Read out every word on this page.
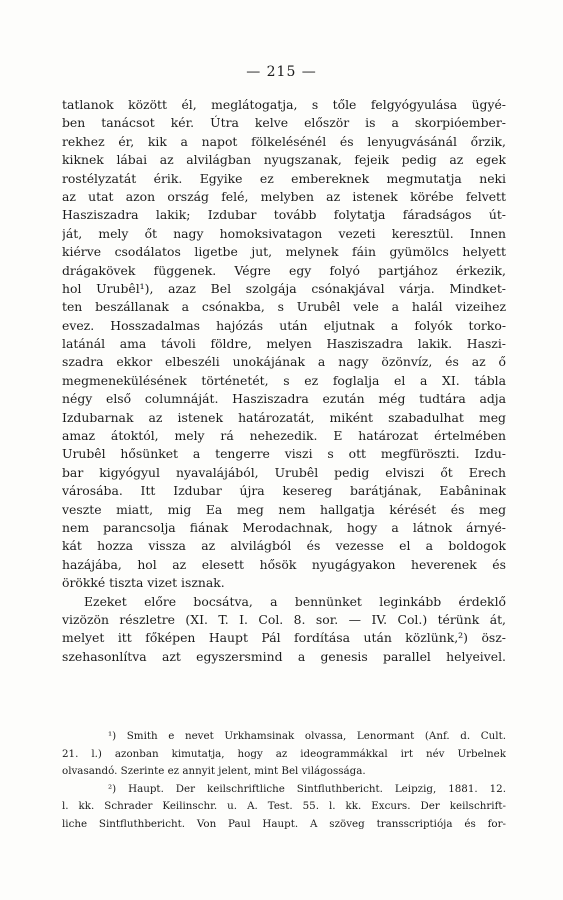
— 215 —
tatlanok között él, meglátogatja, s tőle felgyógyulása ügyé-
ben tanácsot kér. Útra kelve először is a skorpióember-
rekhez ér, kik a napot fölkelésénél és lenyugvásánál őrzik,
kiknek lábai az alvilágban nyugszanak, fejeik pedig az egek
rostélyzatát érik. Egyike ez embereknek megmutatja neki
az utat azon ország felé, melyben az istenek körébe felvett
Hasziszadra lakik; Izdubar tovább folytatja fáradságos út-
ját, mely őt nagy homoksivatagon vezeti keresztül. Innen
kiérve csodálatos ligetbe jut, melynek fáin gyümölcs helyett
drágakövek függenek. Végre egy folyó partjához érkezik,
hol Urubêl¹), azaz Bel szolgája csónakjával várja. Mindket-
ten beszállanak a csónakba, s Urubêl vele a halál vizeihez
evez. Hosszadalmas hajózás után eljutnak a folyók torko-
latánál ama távoli földre, melyen Hasziszadra lakik. Haszi-
szadra ekkor elbeszéli unokájának a nagy özönvíz, és az ő
megmenekülésének történetét, s ez foglalja el a XI. tábla
négy első columnáját. Hasziszadra ezután még tudtára adja
Izdubarnak az istenek határozatát, miként szabadulhat meg
amaz átoktól, mely rá nehezedik. E határozat értelmében
Urubêl hősünket a tengerre viszi s ott megfüröszti. Izdu-
bar kigyógyul nyavalájából, Urubêl pedig elviszi őt Erech
városába. Itt Izdubar újra kesereg barátjának, Eabâninak
veszte miatt, mig Ea meg nem hallgatja kérését és meg
nem parancsolja fiának Merodachnak, hogy a látnok árnyé-
kát hozza vissza az alvilágból és vezesse el a boldogok
hazájába, hol az elesett hősök nyugágyakon heverenek és
örökké tiszta vizet isznak.
Ezeket előre bocsátva, a bennünket leginkább érdeklő
vizözön részletre (XI. T. I. Col. 8. sor. — IV. Col.) térünk át,
melyet itt főképen Haupt Pál fordítása után közlünk,²) ösz-
szehasonlítva azt egyszersmind a genesis parallel helyeivel.
¹) Smith e nevet Urkhamsinak olvassa, Lenormant (Anf. d. Cult.
21. l.) azonban kimutatja, hogy az ideogrammákkal irt név Urbelnek
olvasandó. Szerinte ez annyit jelent, mint Bel világossága.
²) Haupt. Der keilschriftliche Sintfluthbericht. Leipzig, 1881. 12.
l. kk. Schrader Keilinschr. u. A. Test. 55. l. kk. Excurs. Der keilschrift-
liche Sintfluthbericht. Von Paul Haupt. A szöveg transscriptiója és for-
